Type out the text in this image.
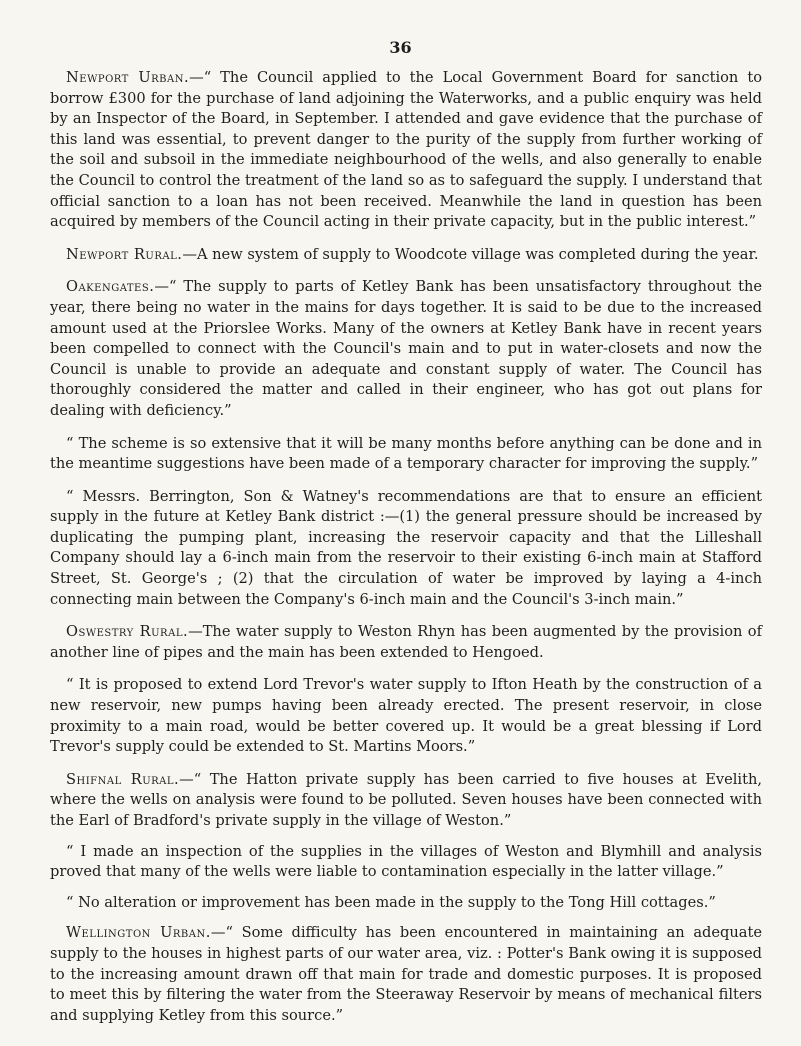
36

Newport Urban.—“ The Council applied to the Local Government Board for sanction to borrow £300 for the purchase of land adjoining the Waterworks, and a public enquiry was held by an Inspector of the Board, in September. I attended and gave evidence that the purchase of this land was essential, to prevent danger to the purity of the supply from further working of the soil and subsoil in the immediate neighbourhood of the wells, and also generally to enable the Council to control the treatment of the land so as to safeguard the supply. I understand that official sanction to a loan has not been received. Meanwhile the land in question has been acquired by members of the Council acting in their private capacity, but in the public interest.”

Newport Rural.—A new system of supply to Woodcote village was completed during the year.

Oakengates.—“ The supply to parts of Ketley Bank has been unsatisfactory throughout the year, there being no water in the mains for days together. It is said to be due to the increased amount used at the Priorslee Works. Many of the owners at Ketley Bank have in recent years been compelled to connect with the Council's main and to put in water-closets and now the Council is unable to provide an adequate and constant supply of water. The Council has thoroughly considered the matter and called in their engineer, who has got out plans for dealing with deficiency.”

“ The scheme is so extensive that it will be many months before anything can be done and in the meantime suggestions have been made of a temporary character for improving the supply.”

“ Messrs. Berrington, Son & Watney's recommendations are that to ensure an efficient supply in the future at Ketley Bank district :—(1) the general pressure should be increased by duplicating the pumping plant, increasing the reservoir capacity and that the Lilleshall Company should lay a 6-inch main from the reservoir to their existing 6-inch main at Stafford Street, St. George's ; (2) that the circulation of water be improved by laying a 4-inch connecting main between the Company's 6-inch main and the Council's 3-inch main.”

Oswestry Rural.—The water supply to Weston Rhyn has been augmented by the provision of another line of pipes and the main has been extended to Hengoed.

“ It is proposed to extend Lord Trevor's water supply to Ifton Heath by the construction of a new reservoir, new pumps having been already erected. The present reservoir, in close proximity to a main road, would be better covered up. It would be a great blessing if Lord Trevor's supply could be extended to St. Martins Moors.”

Shifnal Rural.—“ The Hatton private supply has been carried to five houses at Evelith, where the wells on analysis were found to be polluted. Seven houses have been connected with the Earl of Bradford's private supply in the village of Weston.”

“ I made an inspection of the supplies in the villages of Weston and Blymhill and analysis proved that many of the wells were liable to contamination especially in the latter village.”

“ No alteration or improvement has been made in the supply to the Tong Hill cottages.”

Wellington Urban.—“ Some difficulty has been encountered in maintaining an adequate supply to the houses in highest parts of our water area, viz. : Potter's Bank owing it is supposed to the increasing amount drawn off that main for trade and domestic purposes. It is proposed to meet this by filtering the water from the Steeraway Reservoir by means of mechanical filters and supplying Ketley from this source.”
